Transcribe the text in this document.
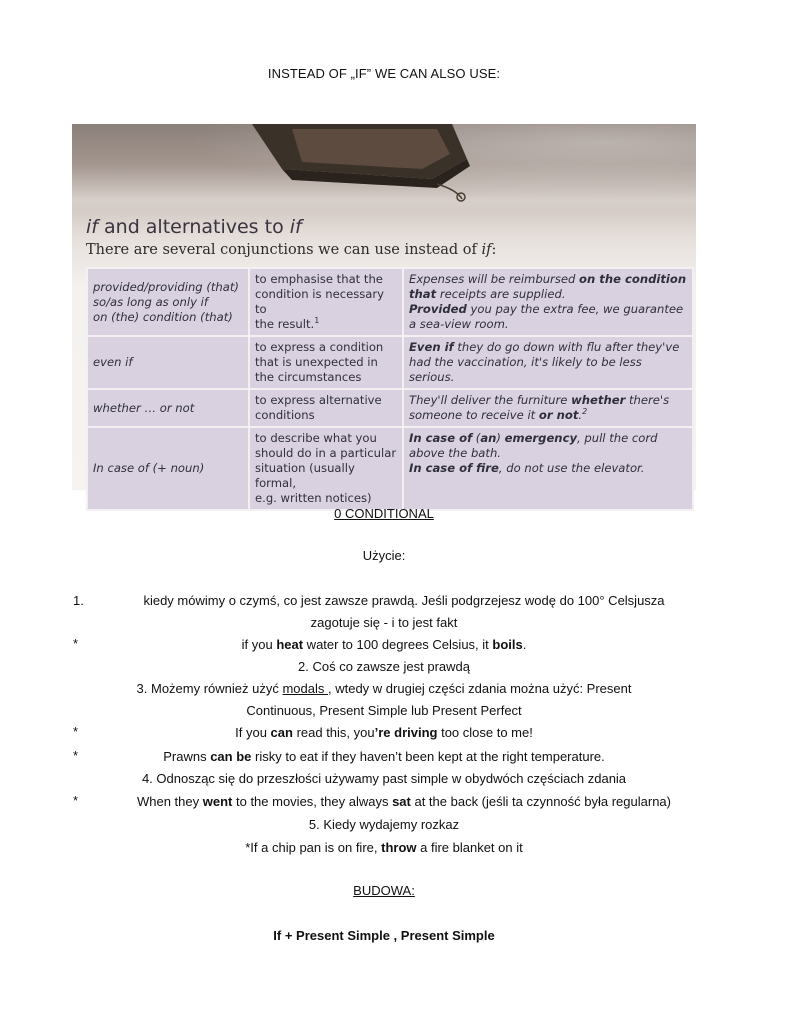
INSTEAD OF „IF” WE CAN ALSO USE:
if and alternatives to if
There are several conjunctions we can use instead of if:
provided/providing (that)
so/as long as only if
on (the) condition (that)	to emphasise that the
condition is necessary to
the result.$^1$	Expenses will be reimbursed on the condition
that receipts are supplied.
Provided you pay the extra fee, we guarantee
a sea-view room.

even if	to express a condition
that is unexpected in
the circumstances	Even if they do go down with flu after they've
had the vaccination, it's likely to be less serious.

whether … or not	to express alternative
conditions	They'll deliver the furniture whether there's
someone to receive it or not.$^2$

In case of (+ noun)	to describe what you
should do in a particular
situation (usually formal,
e.g. written notices)	In case of (an) emergency, pull the cord
above the bath.
In case of fire, do not use the elevator.
0 CONDITIONAL
Użycie:
1.	kiedy mówimy o czymś, co jest zawsze prawdą. Jeśli podgrzejesz wodę do 100° Celsjusza
zagotuje się - i to jest fakt
*	if you heat water to 100 degrees Celsius, it boils.
2. Coś co zawsze jest prawdą
3. Możemy również użyć modals , wtedy w drugiej części zdania można użyć: Present
Continuous, Present Simple lub Present Perfect
*	If you can read this, you’re driving too close to me!
*	Prawns can be risky to eat if they haven’t been kept at the right temperature.
4. Odnosząc się do przeszłości używamy past simple w obydwóch częściach zdania
*	When they went to the movies, they always sat at the back (jeśli ta czynność była regularna)
5. Kiedy wydajemy rozkaz
*If a chip pan is on fire, throw a fire blanket on it
BUDOWA:
If + Present Simple , Present Simple
